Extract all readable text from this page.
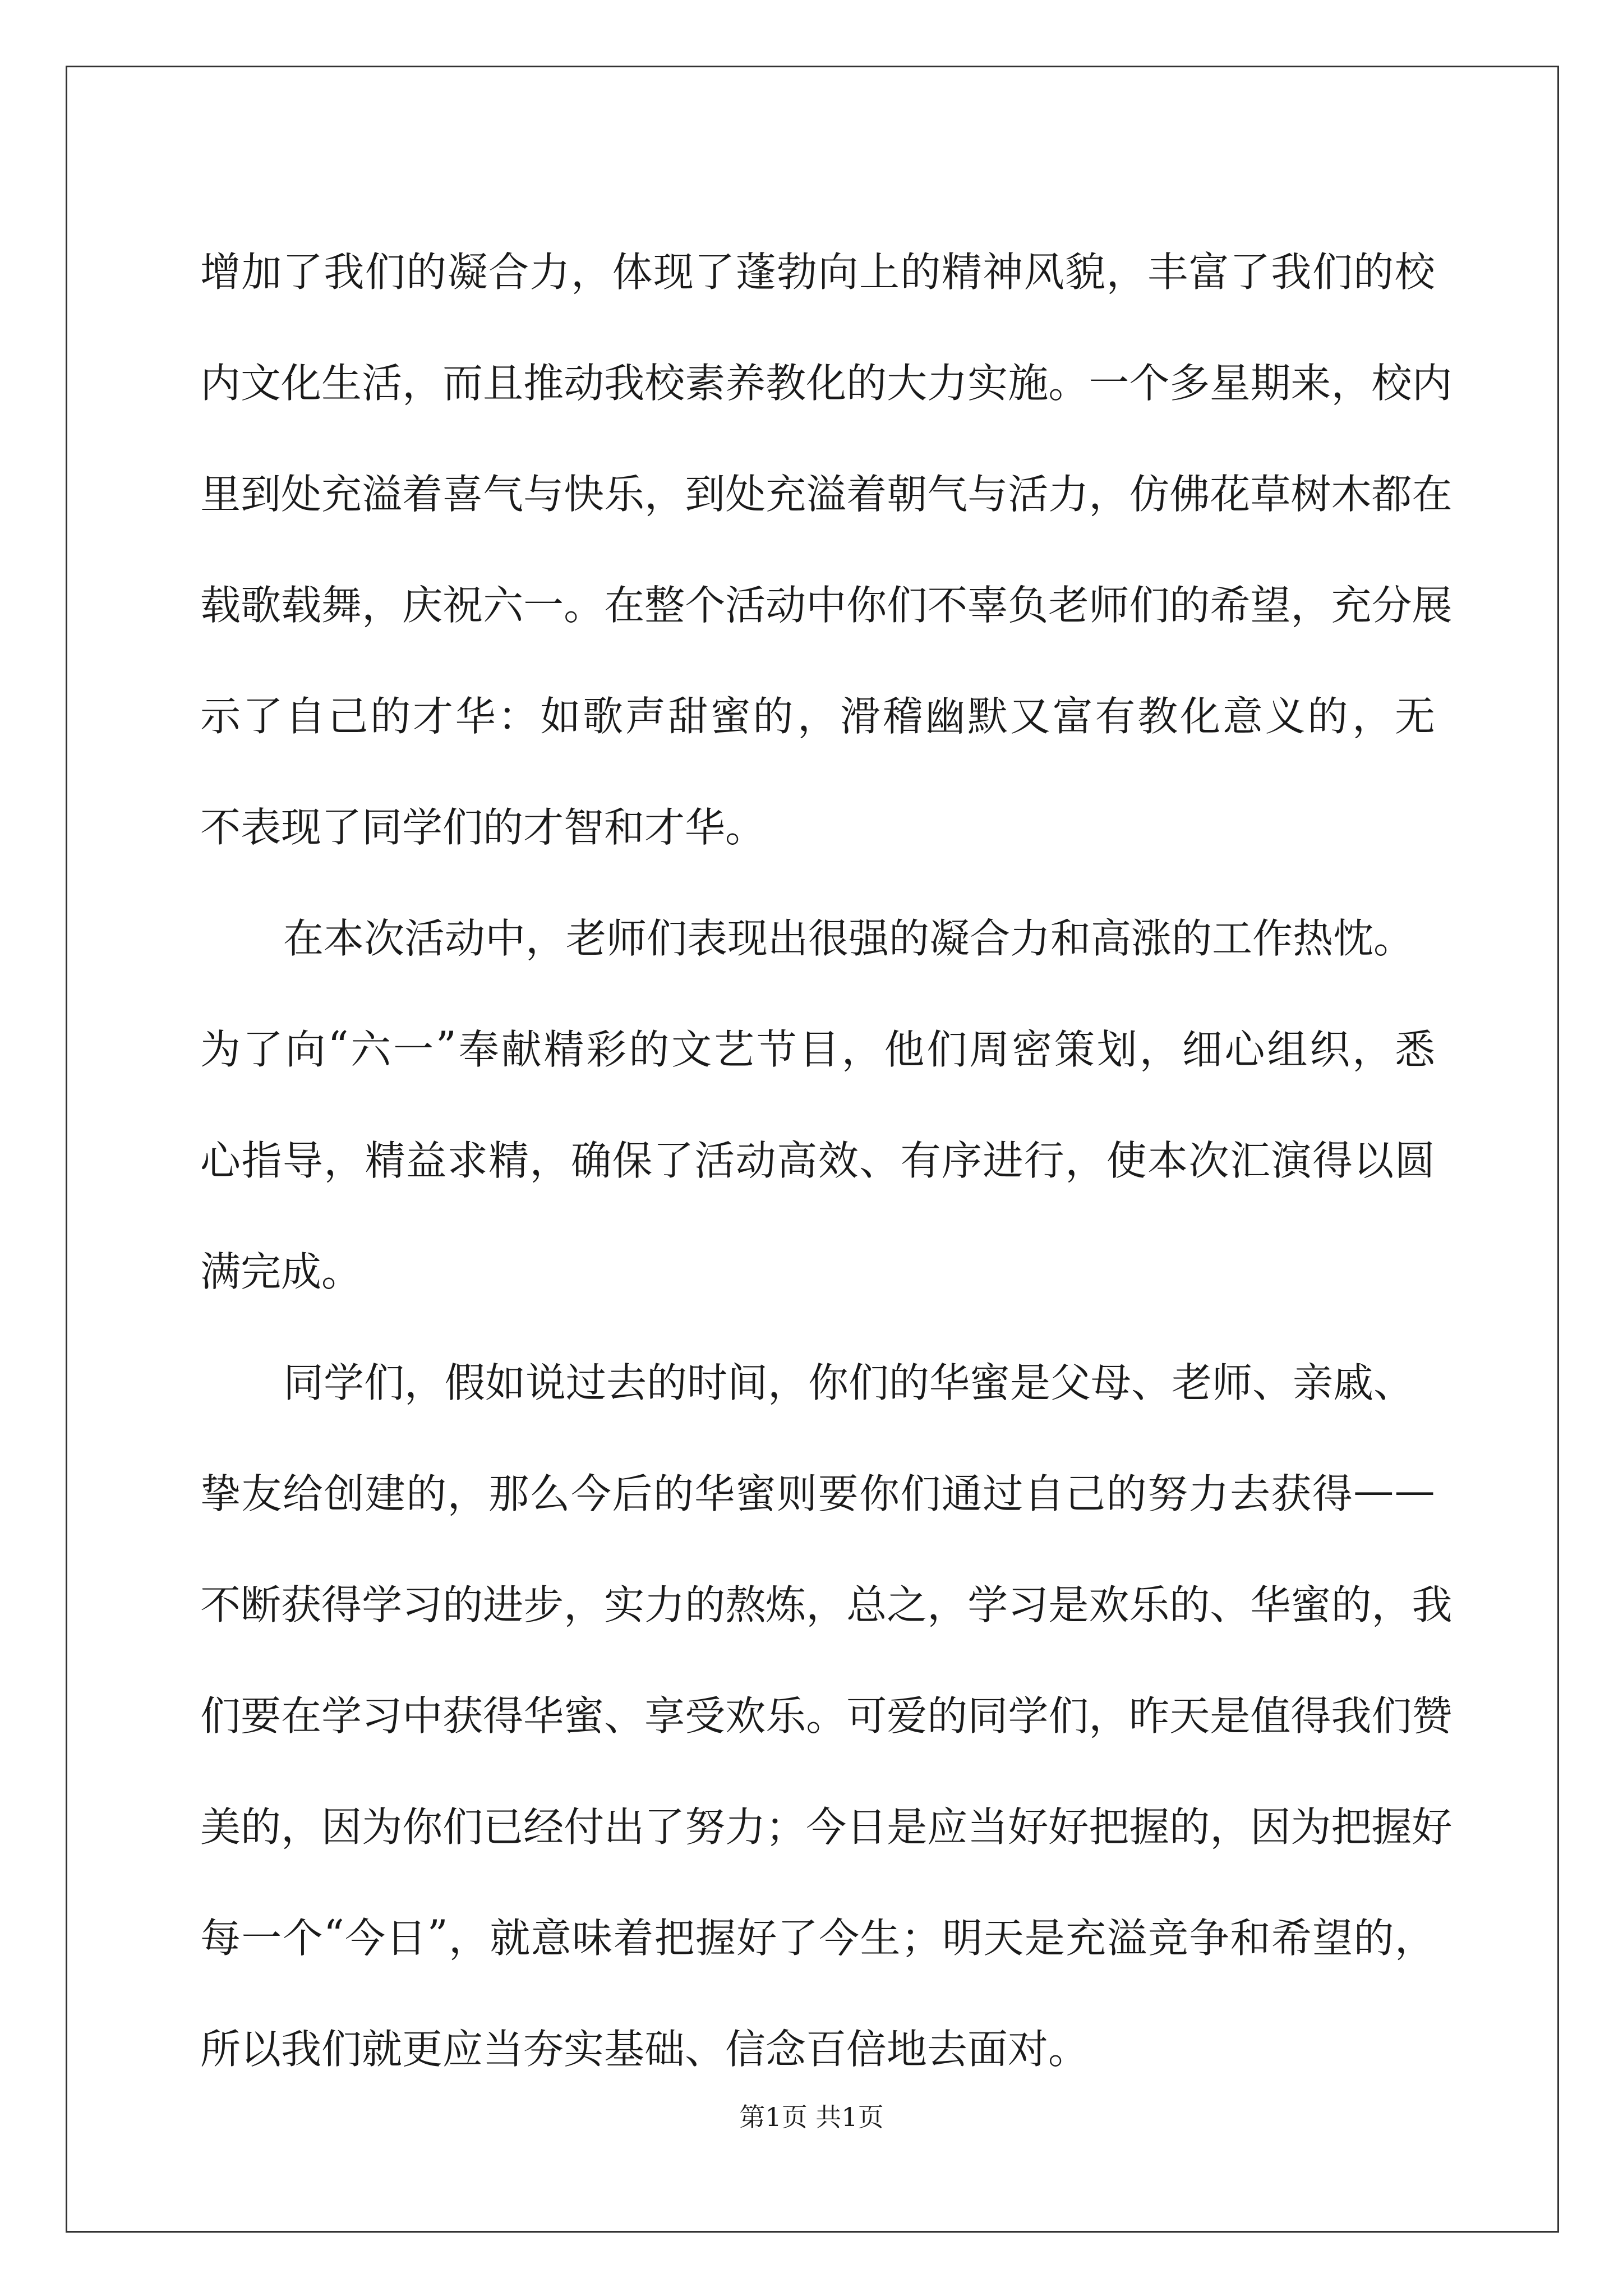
增 加 了 我 们 的 凝 合 力 ， 体 现 了 蓬 勃 向 上 的 精 神 风 貌 ， 丰 富 了 我 们 的 校
内 文 化 生 活 ， 而 且 推 动 我 校 素 养 教 化 的 大 力 实 施 。 一 个 多 星 期 来 ， 校 内
里 到 处 充 溢 着 喜 气 与 快 乐 ， 到 处 充 溢 着 朝 气 与 活 力 ， 仿 佛 花 草 树 木 都 在
载 歌 载 舞 ， 庆 祝 六 一 。 在 整 个 活 动 中 你 们 不 辜 负 老 师 们 的 希 望 ， 充 分 展
示 了 自 己 的 才 华 ： 如 歌 声 甜 蜜 的 ， 滑 稽 幽 默 又 富 有 教 化 意 义 的 ， 无
不表现了同学们的才智和才华。
在本次活动中，老师们表现出很强的凝合力和高涨的工作热忱。
为 了 向 “ 六 一 ” 奉 献 精 彩 的 文 艺 节 目 ， 他 们 周 密 策 划 ， 细 心 组 织 ， 悉
心 指 导 ， 精 益 求 精 ， 确 保 了 活 动 高 效 、 有 序 进 行 ， 使 本 次 汇 演 得 以 圆
满完成。
同学们，假如说过去的时间，你们的华蜜是父母、老师、亲戚、
挚 友 给 创 建 的 ， 那 么 今 后 的 华 蜜 则 要 你 们 通 过 自 己 的 努 力 去 获 得 — —
不 断 获 得 学 习 的 进 步 ， 实 力 的 熬 炼 ， 总 之 ， 学 习 是 欢 乐 的 、 华 蜜 的 ， 我
们 要 在 学 习 中 获 得 华 蜜 、 享 受 欢 乐 。 可 爱 的 同 学 们 ， 昨 天 是 值 得 我 们 赞
美 的 ， 因 为 你 们 已 经 付 出 了 努 力 ； 今 日 是 应 当 好 好 把 握 的 ， 因 为 把 握 好
每 一 个 “ 今 日 ” ， 就 意 味 着 把 握 好 了 今 生 ； 明 天 是 充 溢 竞 争 和 希 望 的 ，
所以我们就更应当夯实基础、信念百倍地去面对。
第1页 共1页
